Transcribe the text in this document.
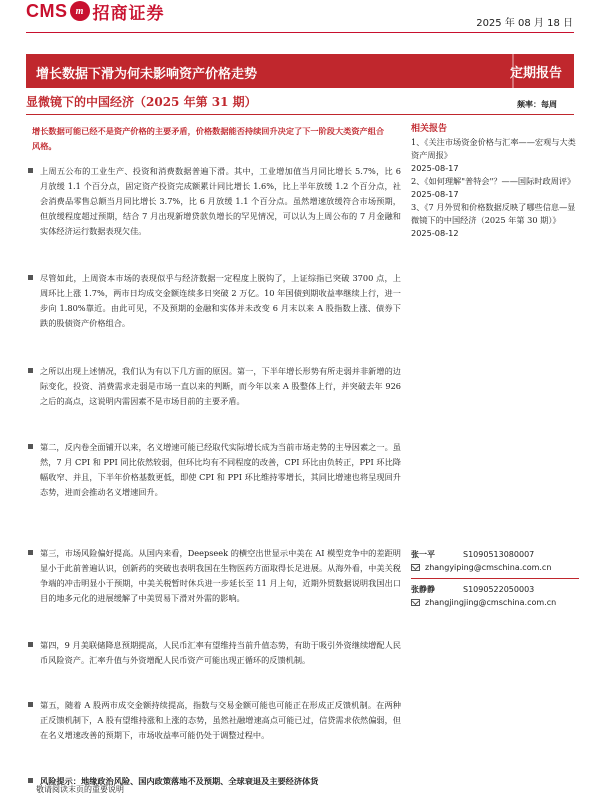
CMS m 招商证券	2025 年 08 月 18 日
增长数据下滑为何未影响资产价格走势	定期报告
显微镜下的中国经济（2025 年第 31 期）	频率：每周
增长数据可能已经不是资产价格的主要矛盾，价格数据能否持续回升决定了下一阶段大类资产组合风格。
上周五公布的工业生产、投资和消费数据普遍下滑。其中，工业增加值当月同比增长 5.7%，比 6 月放缓 1.1 个百分点，固定资产投资完成额累计同比增长 1.6%，比上半年放缓 1.2 个百分点，社会消费品零售总额当月同比增长 3.7%，比 6 月放缓 1.1 个百分点。虽然增速放缓符合市场预期，但放缓程度超过预期，结合 7 月出现新增贷款负增长的罕见情况，可以认为上周公布的 7 月金融和实体经济运行数据表现欠佳。
尽管如此，上周资本市场的表现似乎与经济数据一定程度上脱钩了，上证综指已突破 3700 点，上周环比上涨 1.7%，两市日均成交金额连续多日突破 2 万亿。10 年国债到期收益率继续上行，进一步向 1.80%靠近。由此可见，不及预期的金融和实体并未改变 6 月末以来 A 股指数上涨、债券下跌的股债资产价格组合。
之所以出现上述情况，我们认为有以下几方面的原因。第一，下半年增长形势有所走弱并非新增的边际变化，投资、消费需求走弱是市场一直以来的判断，而今年以来 A 股整体上行，并突破去年 926 之后的高点，这说明内需因素不是市场目前的主要矛盾。
第二，反内卷全面铺开以来，名义增速可能已经取代实际增长成为当前市场走势的主导因素之一。虽然，7 月 CPI 和 PPI 同比依然较弱，但环比均有不同程度的改善，CPI 环比由负转正，PPI 环比降幅收窄、并且，下半年价格基数更低，即使 CPI 和 PPI 环比维持零增长，其同比增速也将呈现回升态势，进而会推动名义增速回升。
第三，市场风险偏好提高。从国内来看，Deepseek 的横空出世显示中美在 AI 模型竞争中的差距明显小于此前普遍认识，创新药的突破也表明我国在生物医药方面取得长足进展。从海外看，中美关税争端的冲击明显小于预期，中美关税暂时休兵进一步延长至 11 月上旬，近期外贸数据说明我国出口目的地多元化的进展缓解了中美贸易下滑对外需的影响。
第四，9 月美联储降息预期提高，人民币汇率有望维持当前升值态势，有助于吸引外资继续增配人民币风险资产。汇率升值与外资增配人民币资产可能出现正循环的反馈机制。
第五，随着 A 股两市成交金额持续提高，指数与交易金额可能也可能正在形成正反馈机制。在两种正反馈机制下，A 股有望维持涨和上涨的态势，虽然社融增速高点可能已过，信贷需求依然偏弱，但在名义增速改善的预期下，市场收益率可能仍处于调整过程中。
风险提示：地缘政治风险、国内政策落地不及预期、全球衰退及主要经济体货
相关报告
1、《关注市场资金价格与汇率——宏观与大类资产周报》
2025-08-17
2、《如何理解"普特会"？——国际时政周评》
2025-08-17
3、《7 月外贸和价格数据反映了哪些信息—显微镜下的中国经济（2025 年第 30 期）》
2025-08-12
张一平	S1090513080007
zhangyiping@cmschina.com.cn
张静静	S1090522050003
zhangjingjing@cmschina.com.cn
敬请阅读末页的重要说明
